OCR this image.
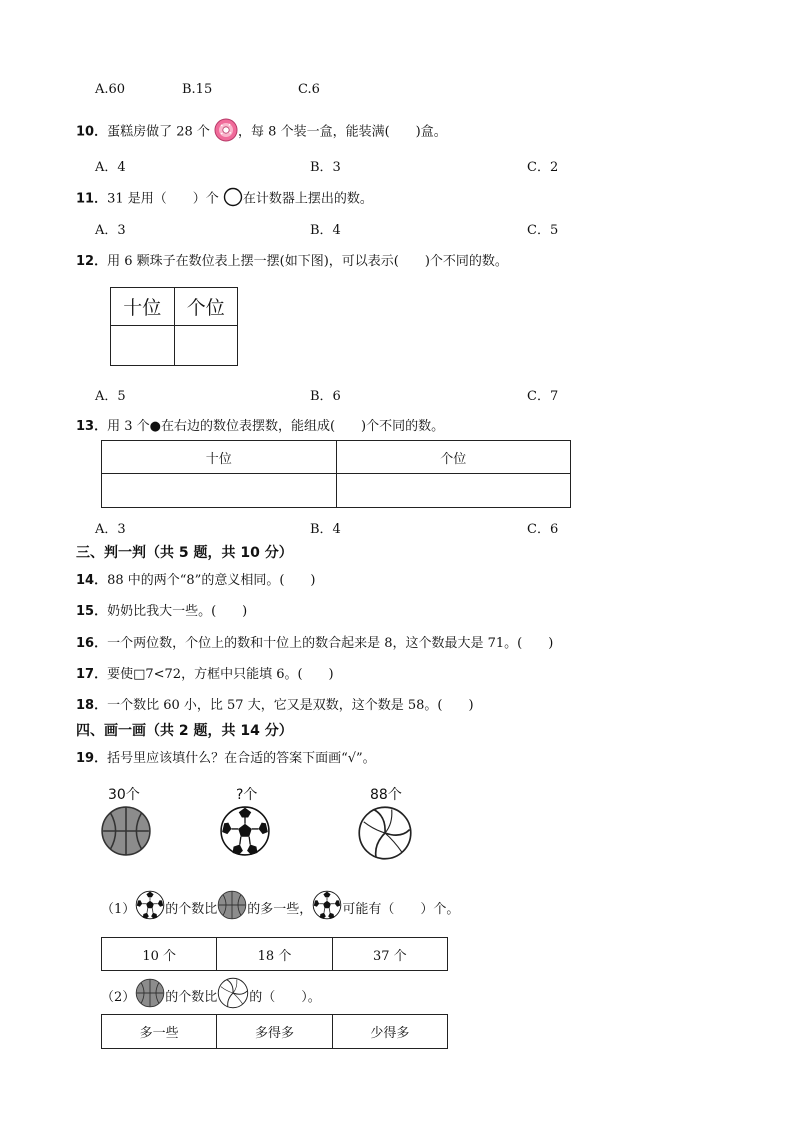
A.60	B.15	C.6
10．蛋糕房做了 28 个 ，每 8 个装一盒，能装满(　　)盒。
A．4	B．3	C．2
11．31 是用（　　）个 在计数器上摆出的数。
A．3	B．4	C．5
12．用 6 颗珠子在数位表上摆一摆(如下图)，可以表示(　　)个不同的数。
十位	个位

A．5	B．6	C．7
13．用 3 个●在右边的数位表摆数，能组成(　　)个不同的数。
十位	个位

A．3	B．4	C．6
三、判一判（共 5 题，共 10 分）
14．88 中的两个“8”的意义相同。(　　)
15．奶奶比我大一些。(　　)
16．一个两位数，个位上的数和十位上的数合起来是 8，这个数最大是 71。(　　)
17．要使□7<72，方框中只能填 6。(　　)
18．一个数比 60 小，比 57 大，它又是双数，这个数是 58。(　　)
四、画一画（共 2 题，共 14 分）
19．括号里应该填什么？在合适的答案下面画“√”。
30个	?个	88个
（1） 的个数比 的多一些， 可能有（　　）个。
10 个	18 个	37 个
（2） 的个数比 的（　　）。
多一些	多得多	少得多
